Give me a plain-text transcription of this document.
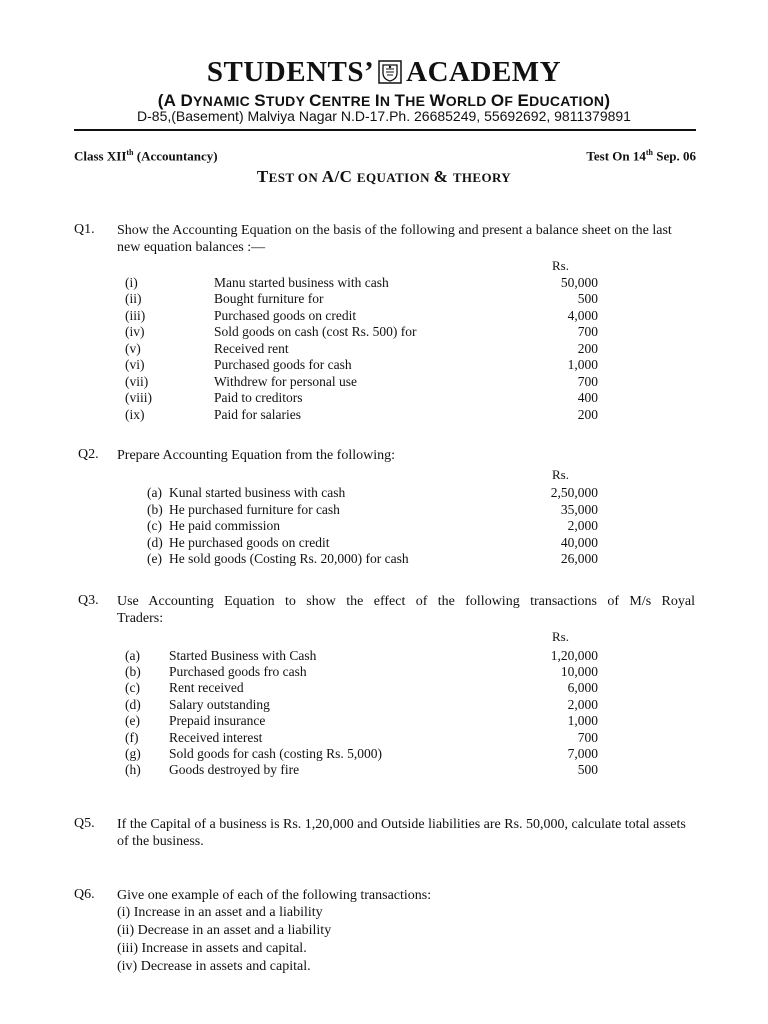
STUDENTS’ ACADEMY
(A DYNAMIC STUDY CENTRE IN THE WORLD OF EDUCATION)
D-85,(Basement) Malviya Nagar N.D-17.Ph. 26685249, 55692692, 9811379891
Class XIIth (Accountancy)	Test On 14th Sep. 06
TEST ON A/C EQUATION & THEORY
Q1. Show the Accounting Equation on the basis of the following and present a balance sheet on the last new equation balances :—
Rs.
(i)	Manu started business with cash	50,000
(ii)	Bought furniture for	500
(iii)	Purchased goods on credit	4,000
(iv)	Sold goods on cash (cost Rs. 500) for	700
(v)	Received rent	200
(vi)	Purchased goods for cash	1,000
(vii)	Withdrew for personal use	700
(viii)	Paid to creditors	400
(ix)	Paid for salaries	200
Q2. Prepare Accounting Equation from the following:
Rs.
(a) Kunal started business with cash	2,50,000
(b) He purchased furniture for cash	35,000
(c) He paid commission	2,000
(d) He purchased goods on credit	40,000
(e) He sold goods (Costing Rs. 20,000) for cash	26,000
Q3. Use Accounting Equation to show the effect of the following transactions of M/s Royal
Traders:
Rs.
(a) Started Business with Cash	1,20,000
(b) Purchased goods fro cash	10,000
(c) Rent received	6,000
(d) Salary outstanding	2,000
(e) Prepaid insurance	1,000
(f) Received interest	700
(g) Sold goods for cash (costing Rs. 5,000)	7,000
(h) Goods destroyed by fire	500
Q5. If the Capital of a business is Rs. 1,20,000 and Outside liabilities are Rs. 50,000, calculate total assets of the business.
Q6. Give one example of each of the following transactions:
(i) Increase in an asset and a liability
(ii) Decrease in an asset and a liability
(iii) Increase in assets and capital.
(iv) Decrease in assets and capital.
